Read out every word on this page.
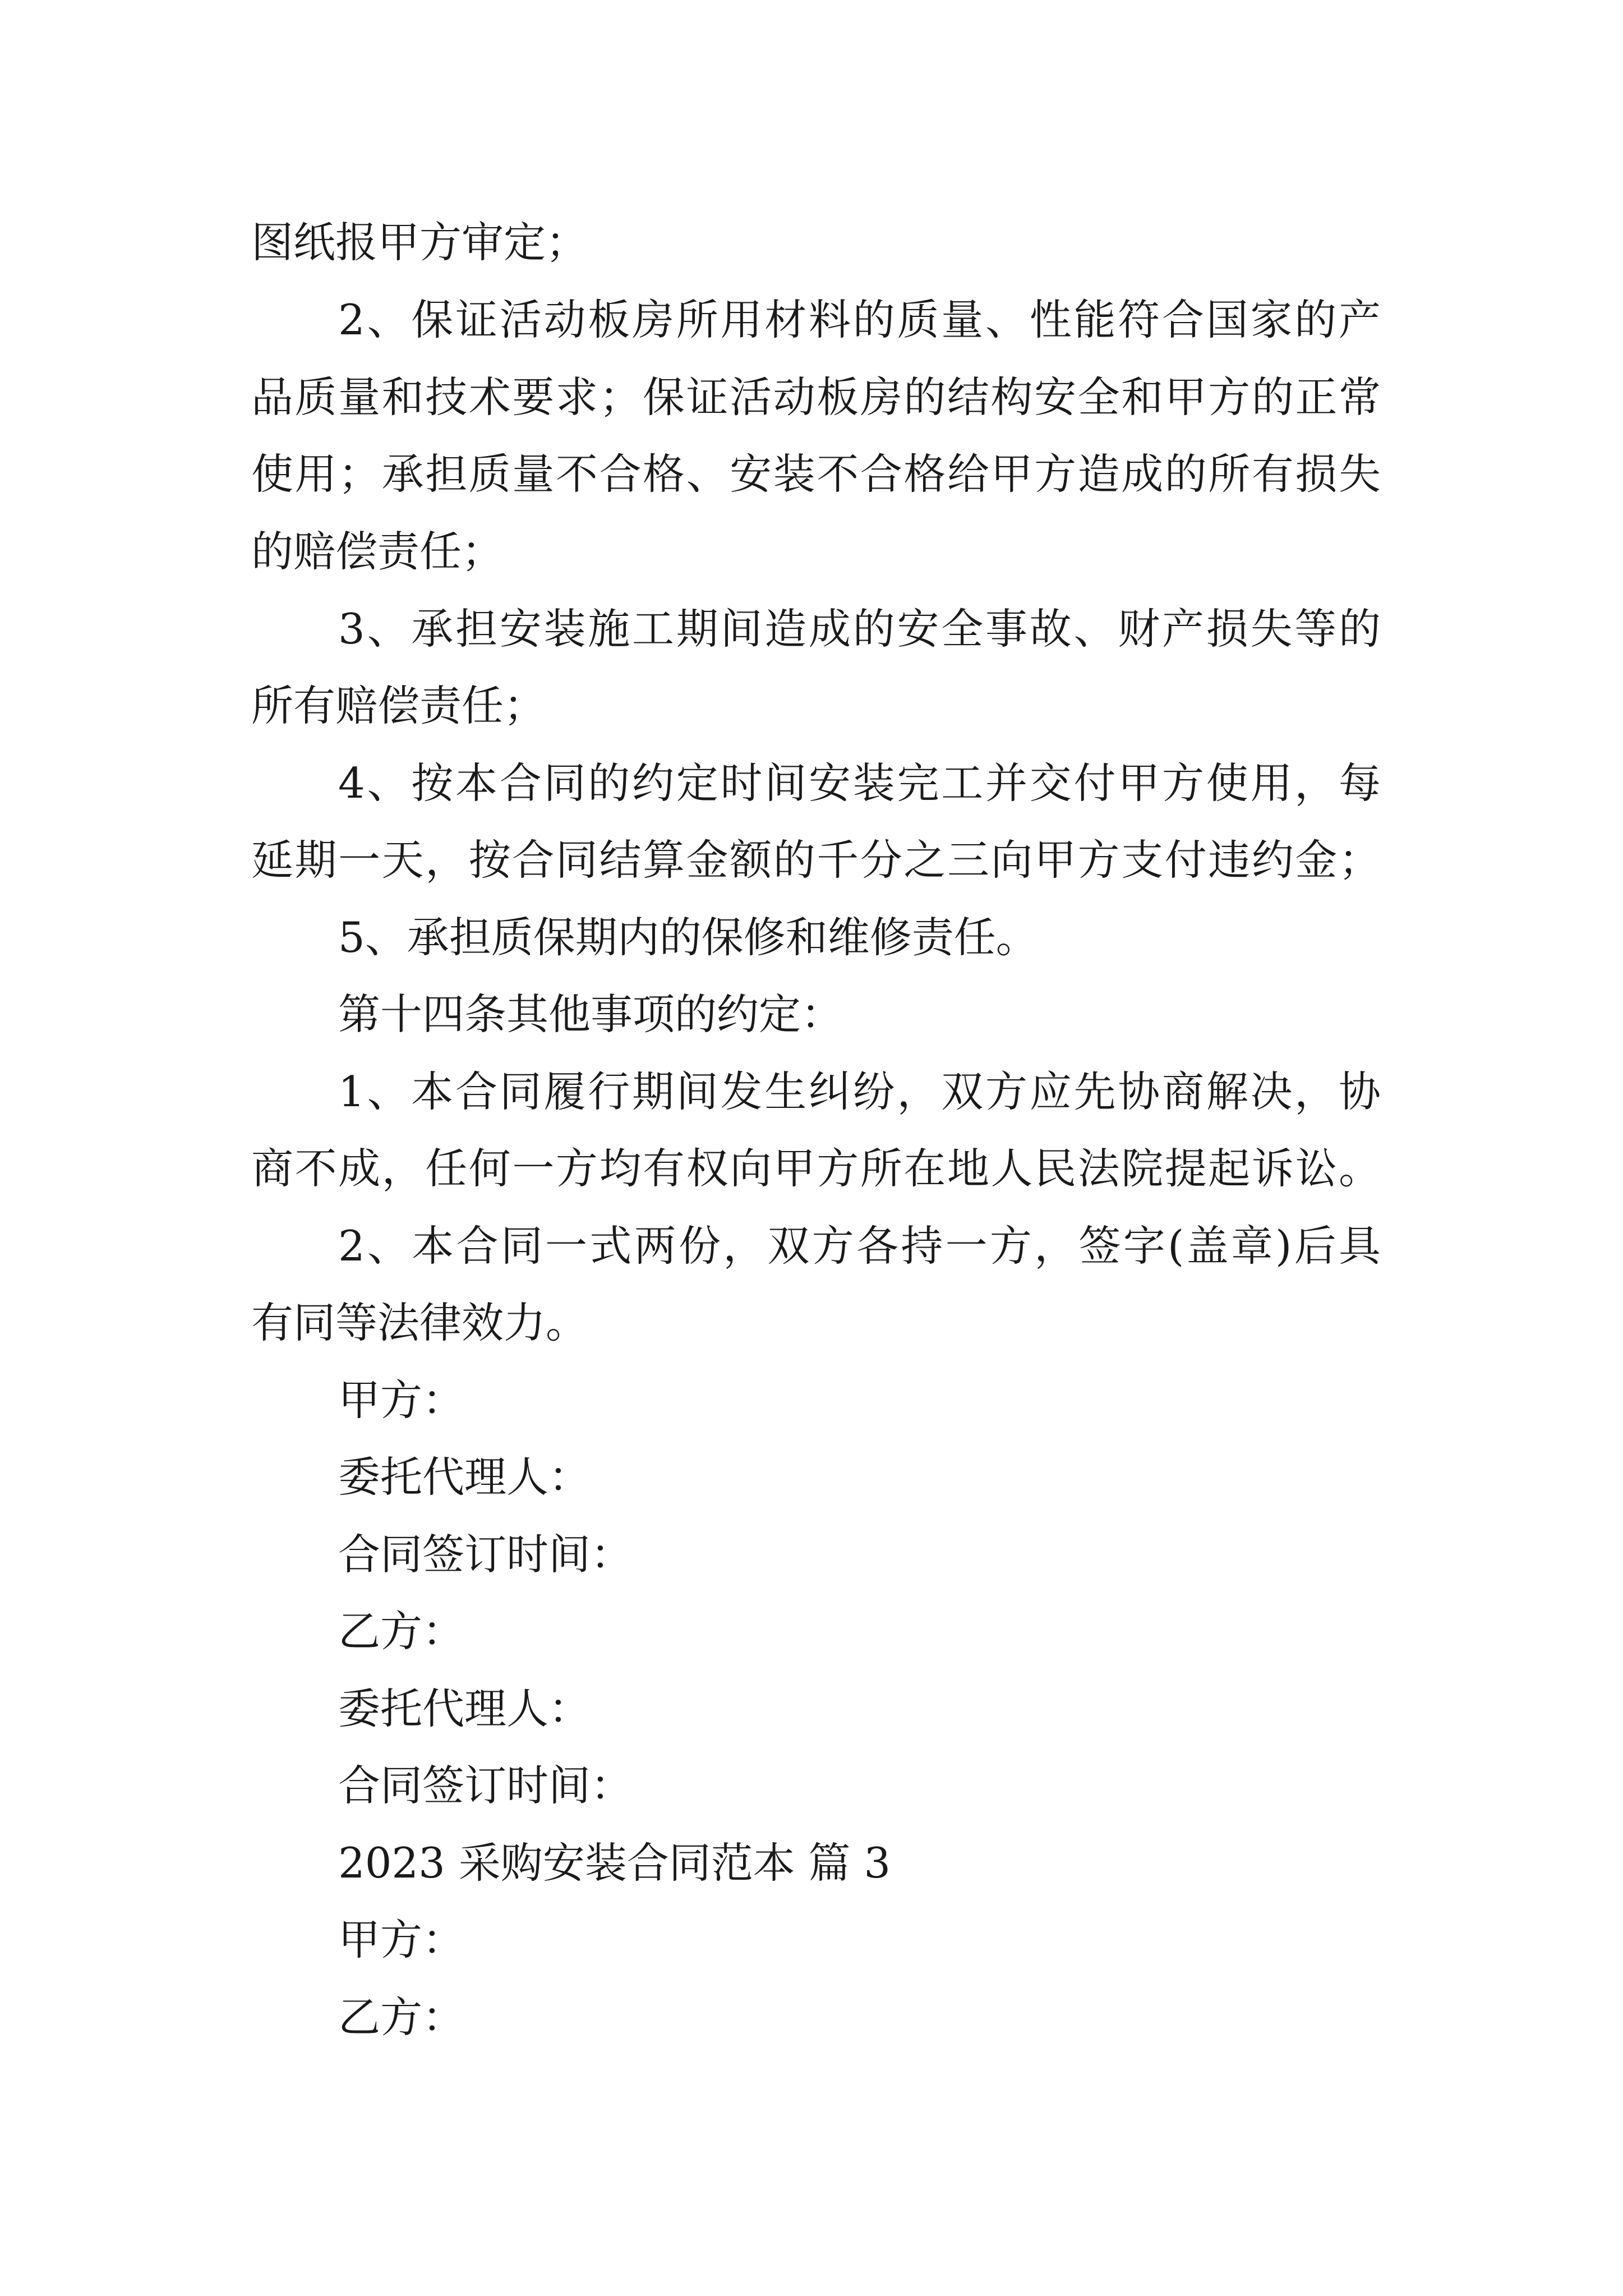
图纸报甲方审定；
2、保证活动板房所用材料的质量、性能符合国家的产
品质量和技术要求；保证活动板房的结构安全和甲方的正常
使用；承担质量不合格、安装不合格给甲方造成的所有损失
的赔偿责任；
3、承担安装施工期间造成的安全事故、财产损失等的
所有赔偿责任；
4、按本合同的约定时间安装完工并交付甲方使用，每
延期一天，按合同结算金额的千分之三向甲方支付违约金；
5、承担质保期内的保修和维修责任。
第十四条其他事项的约定：
1、本合同履行期间发生纠纷，双方应先协商解决，协
商不成，任何一方均有权向甲方所在地人民法院提起诉讼。
2、本合同一式两份，双方各持一方，签字(盖章)后具
有同等法律效力。
甲方：
委托代理人：
合同签订时间：
乙方：
委托代理人：
合同签订时间：
2023 采购安装合同范本 篇 3
甲方：
乙方：
